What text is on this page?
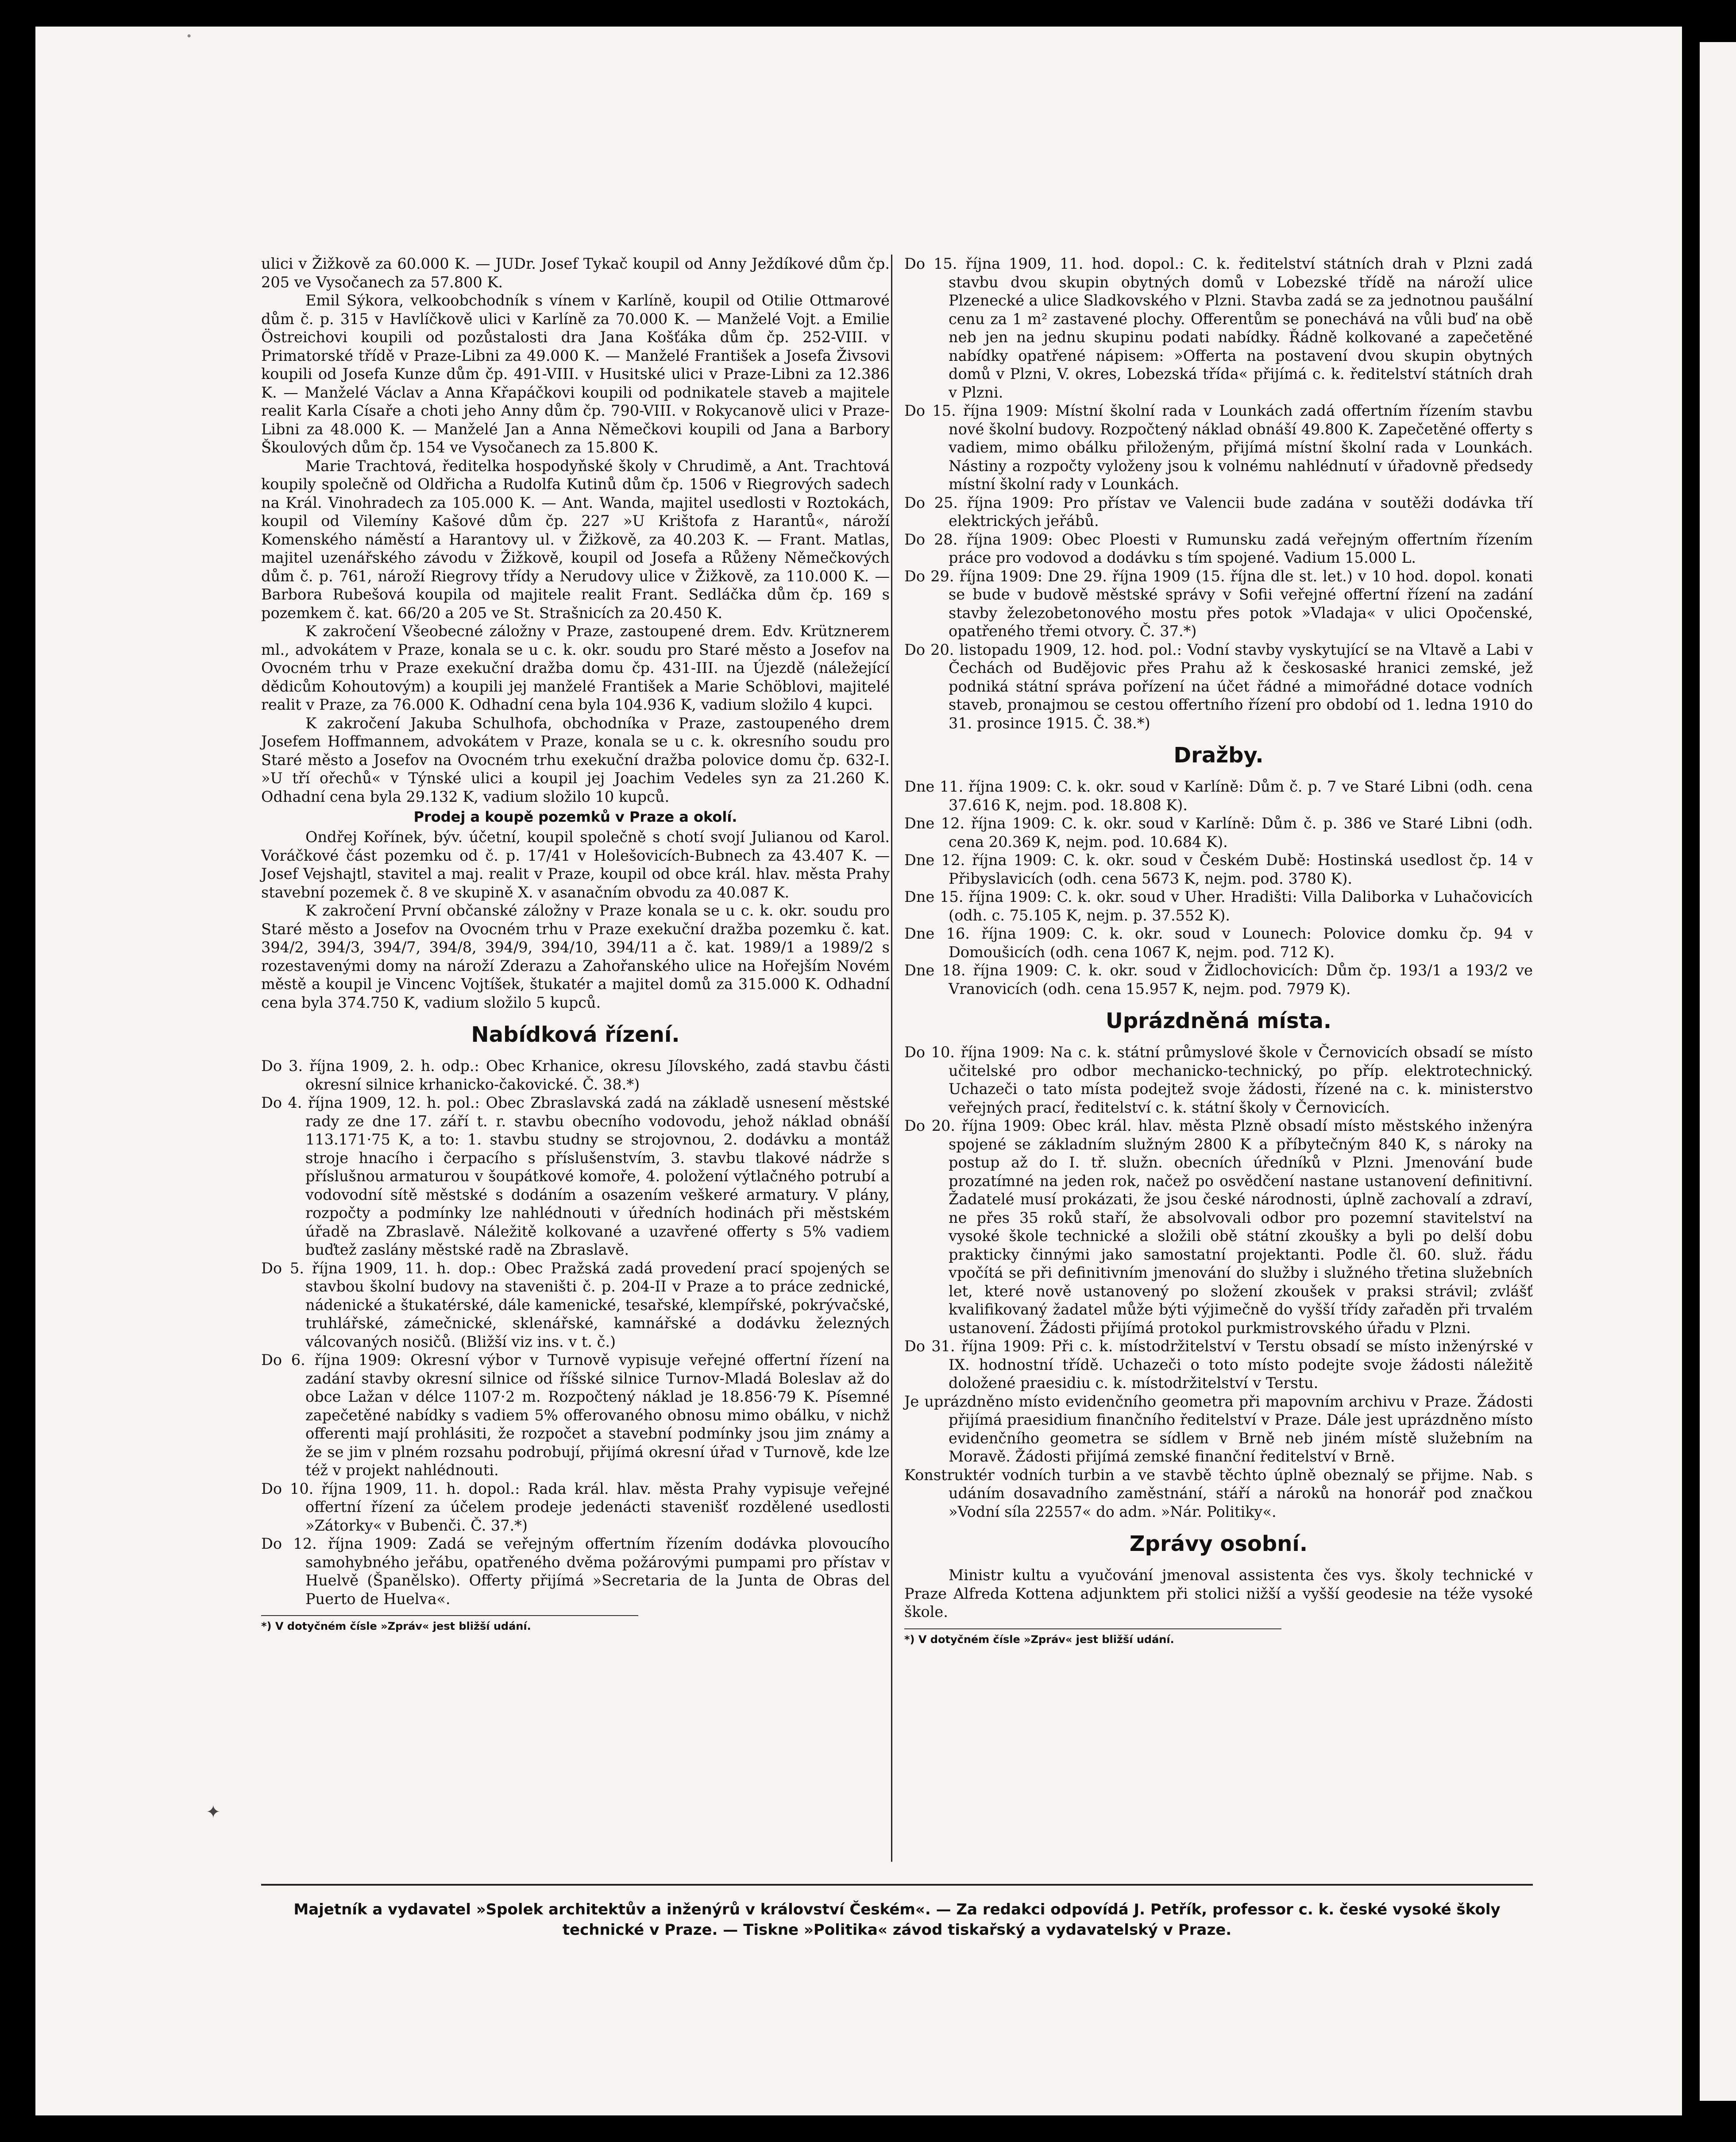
•
✦

ulici v Žižkově za 60.000 K. — JUDr. Josef Tykač koupil od Anny Ježdíkové dům čp. 205 ve Vysočanech za 57.800 K.

Emil Sýkora, velkoobchodník s vínem v Karlíně, koupil od Otilie Ottmarové dům č. p. 315 v Havlíčkově ulici v Karlíně za 70.000 K. — Manželé Vojt. a Emilie Östreichovi koupili od pozůstalosti dra Jana Košťáka dům čp. 252-VIII. v Primatorské třídě v Praze-Libni za 49.000 K. — Manželé František a Josefa Živsovi koupili od Josefa Kunze dům čp. 491-VIII. v Husitské ulici v Praze-Libni za 12.386 K. — Manželé Václav a Anna Křapáčkovi koupili od podnikatele staveb a majitele realit Karla Císaře a choti jeho Anny dům čp. 790-VIII. v Rokycanově ulici v Praze-Libni za 48.000 K. — Manželé Jan a Anna Němečkovi koupili od Jana a Barbory Škoulových dům čp. 154 ve Vysočanech za 15.800 K.

Marie Trachtová, ředitelka hospodyňské školy v Chrudimě, a Ant. Trachtová koupily společně od Oldřicha a Rudolfa Kutinů dům čp. 1506 v Riegrových sadech na Král. Vinohradech za 105.000 K. — Ant. Wanda, majitel usedlosti v Roztokách, koupil od Vilemíny Kašové dům čp. 227 »U Krištofa z Harantů«, nároží Komenského náměstí a Harantovy ul. v Žižkově, za 40.203 K. — Frant. Matlas, majitel uzenářského závodu v Žižkově, koupil od Josefa a Růženy Němečkových dům č. p. 761, nároží Riegrovy třídy a Nerudovy ulice v Žižkově, za 110.000 K. — Barbora Rubešová koupila od majitele realit Frant. Sedláčka dům čp. 169 s pozemkem č. kat. 66/20 a 205 ve St. Strašnicích za 20.450 K.

K zakročení Všeobecné záložny v Praze, zastoupené drem. Edv. Krütznerem ml., advokátem v Praze, konala se u c. k. okr. soudu pro Staré město a Josefov na Ovocném trhu v Praze exekuční dražba domu čp. 431-III. na Újezdě (náležející dědicům Kohoutovým) a koupili jej manželé František a Marie Schöblovi, majitelé realit v Praze, za 76.000 K. Odhadní cena byla 104.936 K, vadium složilo 4 kupci.

K zakročení Jakuba Schulhofa, obchodníka v Praze, zastoupeného drem Josefem Hoffmannem, advokátem v Praze, konala se u c. k. okresního soudu pro Staré město a Josefov na Ovocném trhu exekuční dražba polovice domu čp. 632-I. »U tří ořechů« v Týnské ulici a koupil jej Joachim Vedeles syn za 21.260 K. Odhadní cena byla 29.132 K, vadium složilo 10 kupců.

Prodej a koupě pozemků v Praze a okolí.

Ondřej Kořínek, býv. účetní, koupil společně s chotí svojí Julianou od Karol. Voráčkové část pozemku od č. p. 17/41 v Holešovicích-Bubnech za 43.407 K. — Josef Vejshajtl, stavitel a maj. realit v Praze, koupil od obce král. hlav. města Prahy stavební pozemek č. 8 ve skupině X. v asanačním obvodu za 40.087 K.

K zakročení První občanské záložny v Praze konala se u c. k. okr. soudu pro Staré město a Josefov na Ovocném trhu v Praze exekuční dražba pozemku č. kat. 394/2, 394/3, 394/7, 394/8, 394/9, 394/10, 394/11 a č. kat. 1989/1 a 1989/2 s rozestavenými domy na nároží Zderazu a Zahořanského ulice na Hořejším Novém městě a koupil je Vincenc Vojtíšek, štukatér a majitel domů za 315.000 K. Odhadní cena byla 374.750 K, vadium složilo 5 kupců.

Nabídková řízení.

Do 3. října 1909, 2. h. odp.: Obec Krhanice, okresu Jílovského, zadá stavbu části okresní silnice krhanicko-čakovické. Č. 38.*)

Do 4. října 1909, 12. h. pol.: Obec Zbraslavská zadá na základě usnesení městské rady ze dne 17. září t. r. stavbu obecního vodovodu, jehož náklad obnáší 113.171·75 K, a to: 1. stavbu studny se strojovnou, 2. dodávku a montáž stroje hnacího i čerpacího s příslušenstvím, 3. stavbu tlakové nádrže s příslušnou armaturou v šoupátkové komoře, 4. položení výtlačného potrubí a vodovodní sítě městské s dodáním a osazením veškeré armatury. V plány, rozpočty a podmínky lze nahlédnouti v úředních hodinách při městském úřadě na Zbraslavě. Náležitě kolkované a uzavřené offerty s 5% vadiem buďtež zaslány městské radě na Zbraslavě.

Do 5. října 1909, 11. h. dop.: Obec Pražská zadá provedení prací spojených se stavbou školní budovy na staveništi č. p. 204-II v Praze a to práce zednické, nádenické a štukatérské, dále kamenické, tesařské, klempířské, pokrývačské, truhlářské, zámečnické, sklenářské, kamnářské a dodávku železných válcovaných nosičů. (Bližší viz ins. v t. č.)

Do 6. října 1909: Okresní výbor v Turnově vypisuje veřejné offertní řízení na zadání stavby okresní silnice od říšské silnice Turnov-Mladá Boleslav až do obce Lažan v délce 1107·2 m. Rozpočtený náklad je 18.856·79 K. Písemné zapečetěné nabídky s vadiem 5% offerovaného obnosu mimo obálku, v nichž offerenti mají prohlásiti, že rozpočet a stavební podmínky jsou jim známy a že se jim v plném rozsahu podrobují, přijímá okresní úřad v Turnově, kde lze též v projekt nahlédnouti.

Do 10. října 1909, 11. h. dopol.: Rada král. hlav. města Prahy vypisuje veřejné offertní řízení za účelem prodeje jedenácti stavenišť rozdělené usedlosti »Zátorky« v Bubenči. Č. 37.*)

Do 12. října 1909: Zadá se veřejným offertním řízením dodávka plovoucího samohybného jeřábu, opatřeného dvěma požárovými pumpami pro přístav v Huelvě (Španělsko). Offerty přijímá »Secretaria de la Junta de Obras del Puerto de Huelva«.

*) V dotyčném čísle »Zpráv« jest bližší udání.

Do 15. října 1909, 11. hod. dopol.: C. k. ředitelství státních drah v Plzni zadá stavbu dvou skupin obytných domů v Lobezské třídě na nároží ulice Plzenecké a ulice Sladkovského v Plzni. Stavba zadá se za jednotnou paušální cenu za 1 m² zastavené plochy. Offerentům se ponechává na vůli buď na obě neb jen na jednu skupinu podati nabídky. Řádně kolkované a zapečetěné nabídky opatřené nápisem: »Offerta na postavení dvou skupin obytných domů v Plzni, V. okres, Lobezská třída« přijímá c. k. ředitelství státních drah v Plzni.

Do 15. října 1909: Místní školní rada v Lounkách zadá offertním řízením stavbu nové školní budovy. Rozpočtený náklad obnáší 49.800 K. Zapečetěné offerty s vadiem, mimo obálku přiloženým, přijímá místní školní rada v Lounkách. Nástiny a rozpočty vyloženy jsou k volnému nahlédnutí v úřadovně předsedy místní školní rady v Lounkách.

Do 25. října 1909: Pro přístav ve Valencii bude zadána v soutěži dodávka tří elektrických jeřábů.

Do 28. října 1909: Obec Ploesti v Rumunsku zadá veřejným offertním řízením práce pro vodovod a dodávku s tím spojené. Vadium 15.000 L.

Do 29. října 1909: Dne 29. října 1909 (15. října dle st. let.) v 10 hod. dopol. konati se bude v budově městské správy v Sofii veřejné offertní řízení na zadání stavby železobetonového mostu přes potok »Vladaja« v ulici Opočenské, opatřeného třemi otvory. Č. 37.*)

Do 20. listopadu 1909, 12. hod. pol.: Vodní stavby vyskytující se na Vltavě a Labi v Čechách od Budějovic přes Prahu až k českosaské hranici zemské, jež podniká státní správa pořízení na účet řádné a mimořádné dotace vodních staveb, pronajmou se cestou offertního řízení pro období od 1. ledna 1910 do 31. prosince 1915. Č. 38.*)

Dražby.

Dne 11. října 1909: C. k. okr. soud v Karlíně: Dům č. p. 7 ve Staré Libni (odh. cena 37.616 K, nejm. pod. 18.808 K).

Dne 12. října 1909: C. k. okr. soud v Karlíně: Dům č. p. 386 ve Staré Libni (odh. cena 20.369 K, nejm. pod. 10.684 K).

Dne 12. října 1909: C. k. okr. soud v Českém Dubě: Hostinská usedlost čp. 14 v Přibyslavicích (odh. cena 5673 K, nejm. pod. 3780 K).

Dne 15. října 1909: C. k. okr. soud v Uher. Hradišti: Villa Daliborka v Luhačovicích (odh. c. 75.105 K, nejm. p. 37.552 K).

Dne 16. října 1909: C. k. okr. soud v Lounech: Polovice domku čp. 94 v Domoušicích (odh. cena 1067 K, nejm. pod. 712 K).

Dne 18. října 1909: C. k. okr. soud v Židlochovicích: Dům čp. 193/1 a 193/2 ve Vranovicích (odh. cena 15.957 K, nejm. pod. 7979 K).

Uprázdněná místa.

Do 10. října 1909: Na c. k. státní průmyslové škole v Černovicích obsadí se místo učitelské pro odbor mechanicko-technický, po příp. elektrotechnický. Uchazeči o tato místa podejtež svoje žádosti, řízené na c. k. ministerstvo veřejných prací, ředitelství c. k. státní školy v Černovicích.

Do 20. října 1909: Obec král. hlav. města Plzně obsadí místo městského inženýra spojené se základním služným 2800 K a příbytečným 840 K, s nároky na postup až do I. tř. služn. obecních úředníků v Plzni. Jmenování bude prozatímné na jeden rok, načež po osvědčení nastane ustanovení definitivní. Žadatelé musí prokázati, že jsou české národnosti, úplně zachovalí a zdraví, ne přes 35 roků staří, že absolvovali odbor pro pozemní stavitelství na vysoké škole technické a složili obě státní zkoušky a byli po delší dobu prakticky činnými jako samostatní projektanti. Podle čl. 60. služ. řádu vpočítá se při definitivním jmenování do služby i služného třetina služebních let, které nově ustanovený po složení zkoušek v praksi strávil; zvlášť kvalifikovaný žadatel může býti výjimečně do vyšší třídy zařaděn při trvalém ustanovení. Žádosti přijímá protokol purkmistrovského úřadu v Plzni.

Do 31. října 1909: Při c. k. místodržitelství v Terstu obsadí se místo inženýrské v IX. hodnostní třídě. Uchazeči o toto místo podejte svoje žádosti náležitě doložené praesidiu c. k. místodržitelství v Terstu.

Je uprázdněno místo evidenčního geometra při mapovním archivu v Praze. Žádosti přijímá praesidium finančního ředitelství v Praze. Dále jest uprázdněno místo evidenčního geometra se sídlem v Brně neb jiném místě služebním na Moravě. Žádosti přijímá zemské finanční ředitelství v Brně.

Konstruktér vodních turbin a ve stavbě těchto úplně obeznalý se přijme. Nab. s udáním dosavadního zaměstnání, stáří a nároků na honorář pod značkou »Vodní síla 22557« do adm. »Nár. Politiky«.

Zprávy osobní.

Ministr kultu a vyučování jmenoval assistenta čes vys. školy technické v Praze Alfreda Kottena adjunktem při stolici nižší a vyšší geodesie na téže vysoké škole.

*) V dotyčném čísle »Zpráv« jest bližší udání.
Majetník a vydavatel »Spolek architektův a inženýrů v království Českém«. — Za redakci odpovídá J. Petřík, professor c. k. české vysoké školy
technické v Praze. — Tiskne »Politika« závod tiskařský a vydavatelský v Praze.
